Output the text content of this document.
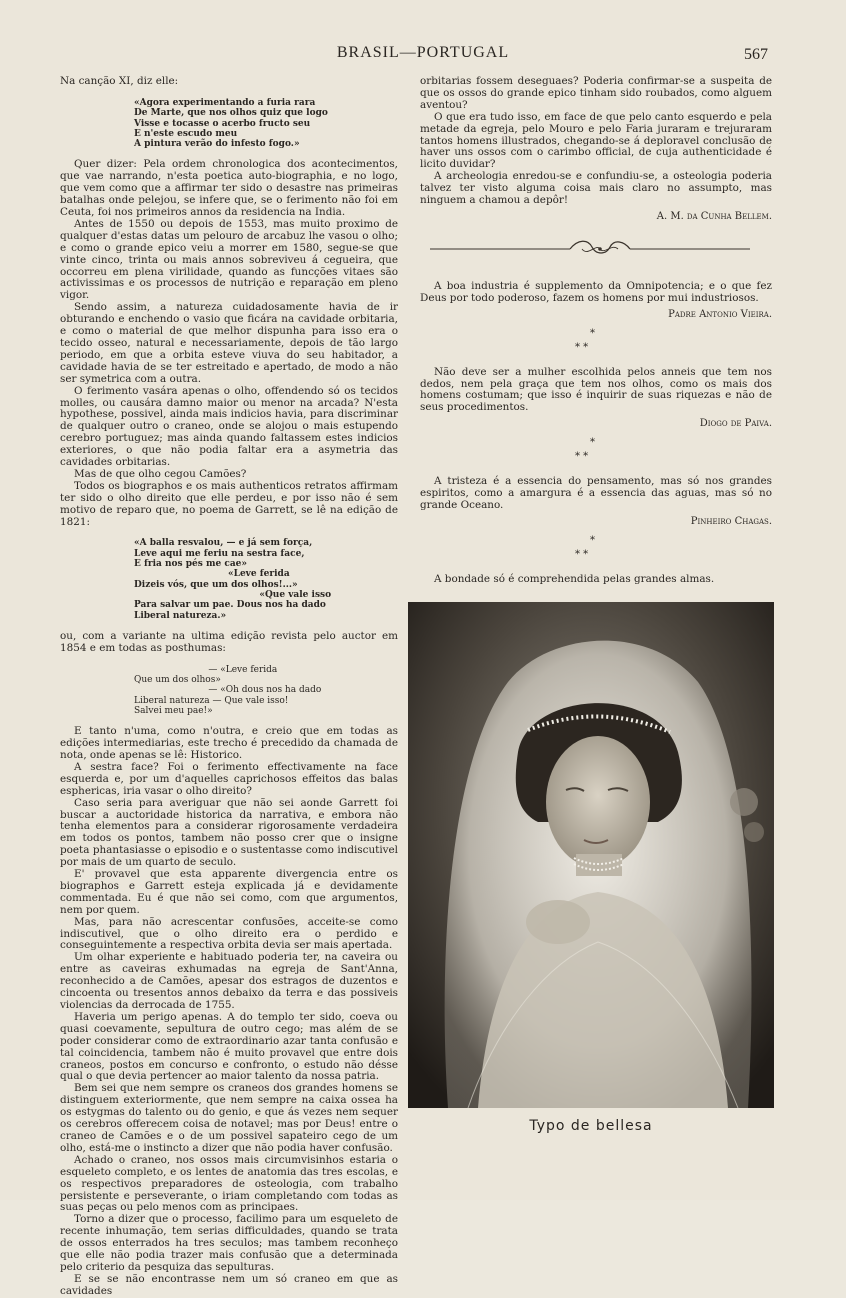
BRASIL—PORTUGAL	567

Na canção XI, diz elle:

«Agora experimentando a furia rara
De Marte, que nos olhos quiz que logo
Visse e tocasse o acerbo fructo seu
E n'este escudo meu
A pintura verão do infesto fogo.»

Quer dizer: Pela ordem chronologica dos acontecimentos, que vae narrando, n'esta poetica auto-biographia, e no logo, que vem como que a affirmar ter sido o desastre nas primeiras batalhas onde pelejou, se infere que, se o ferimento não foi em Ceuta, foi nos primeiros annos da residencia na India.

Antes de 1550 ou depois de 1553, mas muito proximo de qualquer d'estas datas um pelouro de arcabuz lhe vasou o olho; e como o grande epico veiu a morrer em 1580, segue-se que vinte cinco, trinta ou mais annos sobreviveu á cegueira, que occorreu em plena virilidade, quando as funcções vitaes são activissimas e os processos de nutrição e reparação em pleno vigor.

Sendo assim, a natureza cuidadosamente havia de ir obturando e enchendo o vasio que ficára na cavidade orbitaria, e como o material de que melhor dispunha para isso era o tecido osseo, natural e necessariamente, depois de tão largo periodo, em que a orbita esteve viuva do seu habitador, a cavidade havia de se ter estreitado e apertado, de modo a não ser symetrica com a outra.

O ferimento vasára apenas o olho, offendendo só os tecidos molles, ou causára damno maior ou menor na arcada? N'esta hypothese, possivel, ainda mais indicios havia, para discriminar de qualquer outro o craneo, onde se alojou o mais estupendo cerebro portuguez; mas ainda quando faltassem estes indicios exteriores, o que não podia faltar era a asymetria das cavidades orbitarias.

Mas de que olho cegou Camões?

Todos os biographos e os mais authenticos retratos affirmam ter sido o olho direito que elle perdeu, e por isso não é sem motivo de reparo que, no poema de Garrett, se lê na edição de 1821:

«A balla resvalou, — e já sem força,
Leve aqui me feriu na sestra face,
E fria nos pés me cae»
«Leve ferida
Dizeis vós, que um dos olhos!...»
«Que vale isso
Para salvar um pae. Dous nos ha dado
Liberal natureza.»

ou, com a variante na ultima edição revista pelo auctor em 1854 e em todas as posthumas:

— «Leve ferida
Que um dos olhos»
— «Oh dous nos ha dado
Liberal natureza — Que vale isso!
Salvei meu pae!»

E tanto n'uma, como n'outra, e creio que em todas as edições intermediarias, este trecho é precedido da chamada de nota, onde apenas se lê: Historico.

A sestra face? Foi o ferimento effectivamente na face esquerda e, por um d'aquelles caprichosos effeitos das balas esphericas, iria vasar o olho direito?

Caso seria para averiguar que não sei aonde Garrett foi buscar a auctoridade historica da narrativa, e embora não tenha elementos para a considerar rigorosamente verdadeira em todos os pontos, tambem não posso crer que o insigne poeta phantasiasse o episodio e o sustentasse como indiscutivel por mais de um quarto de seculo.

E' provavel que esta apparente divergencia entre os biographos e Garrett esteja explicada já e devidamente commentada. Eu é que não sei como, com que argumentos, nem por quem.

Mas, para não acrescentar confusões, acceite-se como indiscutivel, que o olho direito era o perdido e conseguintemente a respectiva orbita devia ser mais apertada.

Um olhar experiente e habituado poderia ter, na caveira ou entre as caveiras exhumadas na egreja de Sant'Anna, reconhecido a de Camões, apesar dos estragos de duzentos e cincoenta ou tresentos annos debaixo da terra e das possiveis violencias da derrocada de 1755.

Haveria um perigo apenas. A do templo ter sido, coeva ou quasi coevamente, sepultura de outro cego; mas além de se poder considerar como de extraordinario azar tanta confusão e tal coincidencia, tambem não é muito provavel que entre dois craneos, postos em concurso e confronto, o estudo não désse qual o que devia pertencer ao maior talento da nossa patria.

Bem sei que nem sempre os craneos dos grandes homens se distinguem exteriormente, que nem sempre na caixa ossea ha os estygmas do talento ou do genio, e que ás vezes nem sequer os cerebros offerecem coisa de notavel; mas por Deus! entre o craneo de Camões e o de um possivel sapateiro cego de um olho, está-me o instincto a dizer que não podia haver confusão.

Achado o craneo, nos ossos mais circumvisinhos estaria o esqueleto completo, e os lentes de anatomia das tres escolas, e os respectivos preparadores de osteologia, com trabalho persistente e perseverante, o iriam completando com todas as suas peças ou pelo menos com as principaes.

Torno a dizer que o processo, facilimo para um esqueleto de recente inhumação, tem serias difficuldades, quando se trata de ossos enterrados ha tres seculos; mas tambem reconheço que elle não podia trazer mais confusão que a determinada pelo criterio da pesquiza das sepulturas.

E se se não encontrasse nem um só craneo em que as cavidades

orbitarias fossem deseguaes? Poderia confirmar-se a suspeita de que os ossos do grande epico tinham sido roubados, como alguem aventou?

O que era tudo isso, em face de que pelo canto esquerdo e pela metade da egreja, pelo Mouro e pelo Faria juraram e trejuraram tantos homens illustrados, chegando-se á deploravel conclusão de haver uns ossos com o carimbo official, de cuja authenticidade é licito duvidar?

A archeologia enredou-se e confundiu-se, a osteologia poderia talvez ter visto alguma coisa mais claro no assumpto, mas ninguem a chamou a depôr!

A. M. da Cunha Bellem.

A boa industria é supplemento da Omnipotencia; e o que fez Deus por todo poderoso, fazem os homens por mui industriosos.

Padre Antonio Vieira.
*
* *

Não deve ser a mulher escolhida pelos anneis que tem nos dedos, nem pela graça que tem nos olhos, como os mais dos homens costumam; que isso é inquirir de suas riquezas e não de seus procedimentos.

Diogo de Paiva.
*
* *

A tristeza é a essencia do pensamento, mas só nos grandes espiritos, como a amargura é a essencia das aguas, mas só no grande Oceano.

Pinheiro Chagas.
*
* *

A bondade só é comprehendida pelas grandes almas.

Typo de bellesa
